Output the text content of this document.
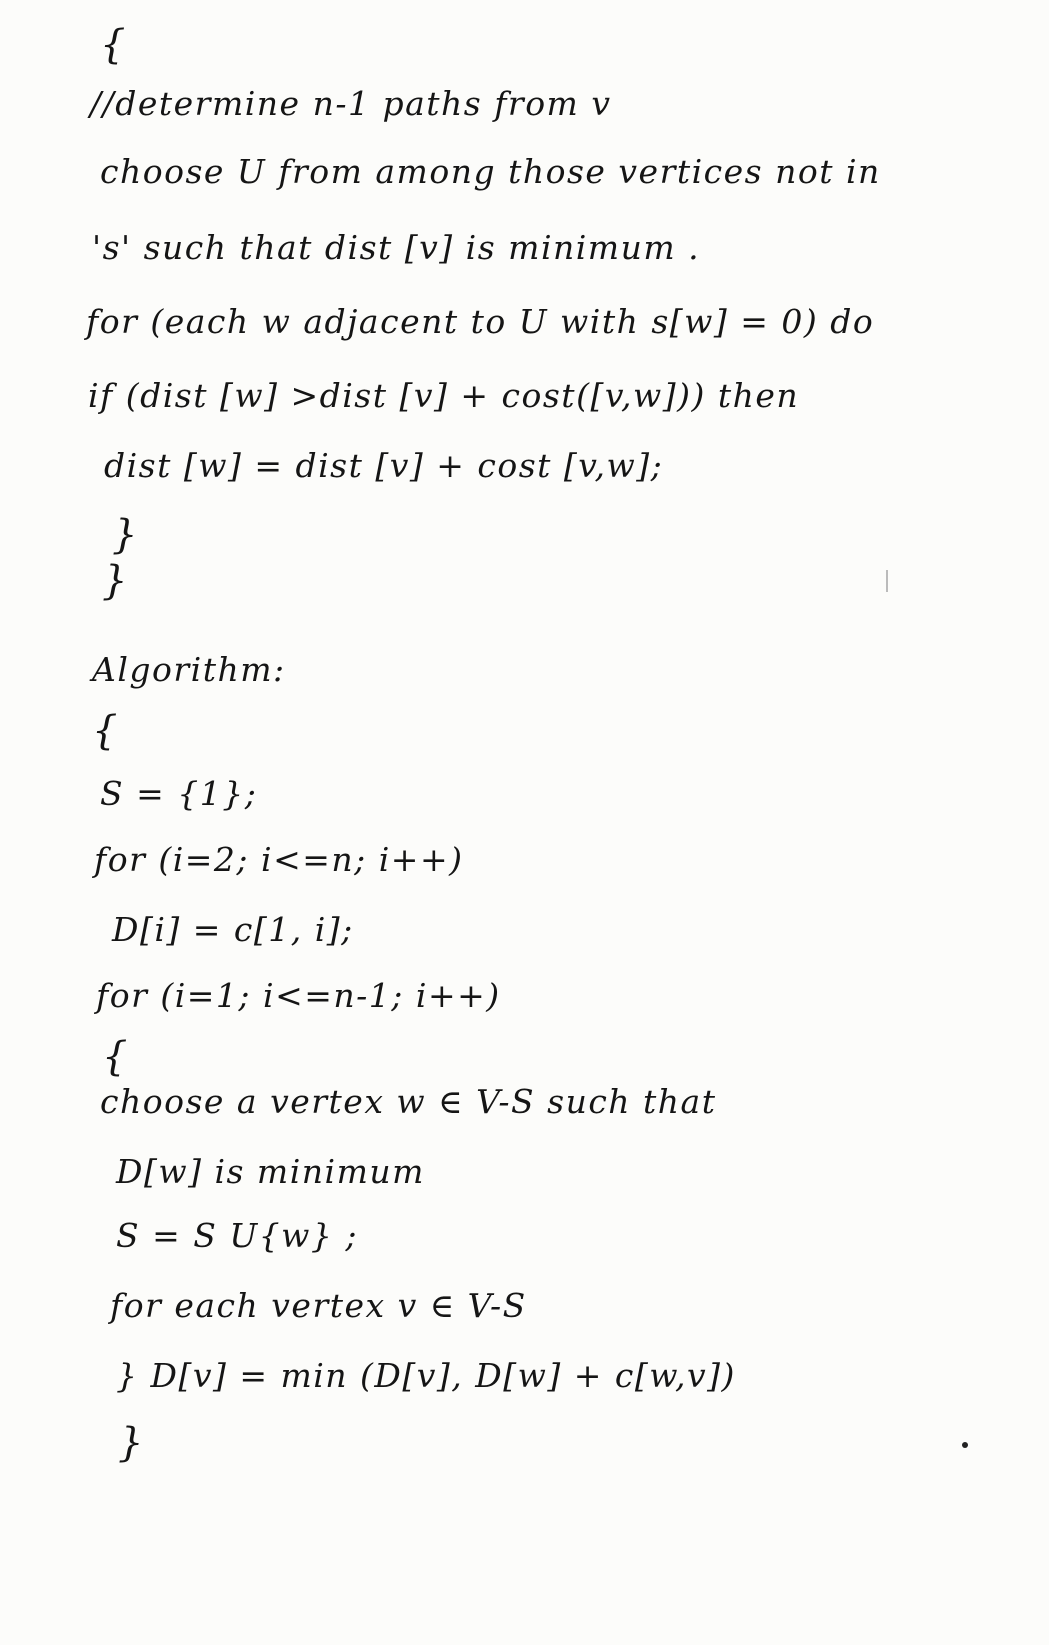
{
//determine n-1 paths from v
choose U from among those vertices not in
's' such that dist [v] is minimum .
for (each w adjacent to U with s[w] = 0) do
if (dist [w] >dist [v] + cost([v,w])) then
dist [w] = dist [v] + cost [v,w];
}
}
Algorithm:
{
S = {1};
for (i=2; i<=n; i++)
D[i] = c[1, i];
for (i=1; i<=n-1; i++)
{
choose a vertex w ∈ V-S such that
D[w] is minimum
S = S U{w} ;
for each vertex v ∈ V-S
} D[v] = min (D[v], D[w] + c[w,v])
}
